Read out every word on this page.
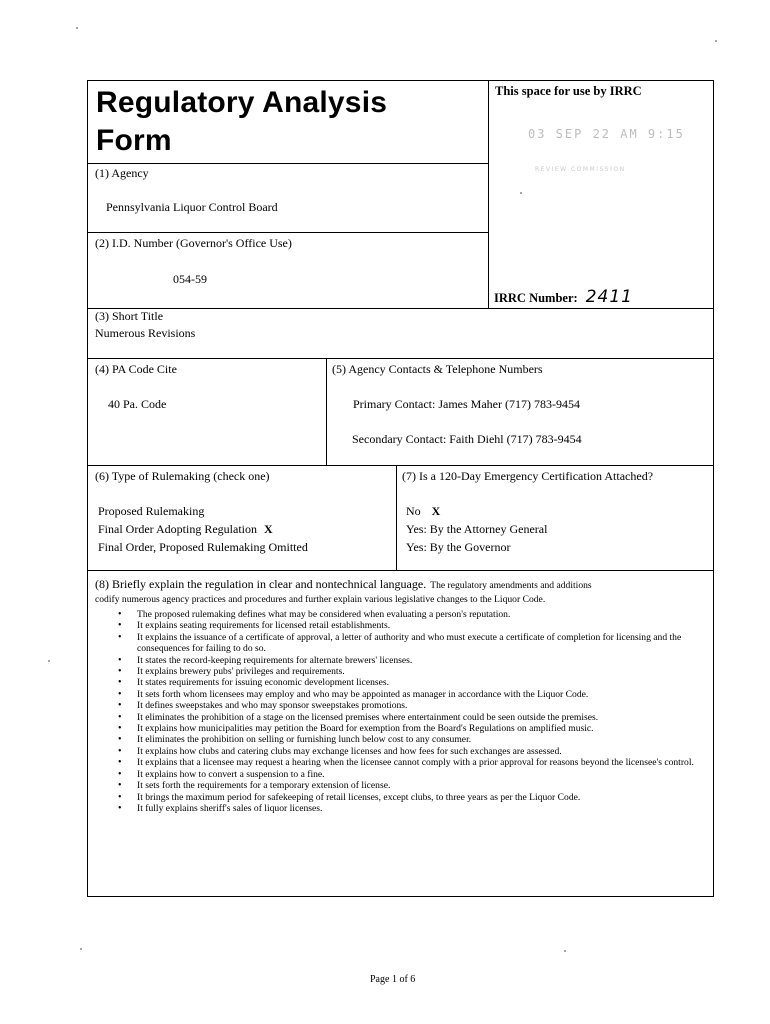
Regulatory Analysis
Form
This space for use by IRRC
03 SEP 22 AM 9:15
REVIEW COMMISSION
IRRC Number: 2411
(1) Agency
Pennsylvania Liquor Control Board
(2) I.D. Number (Governor's Office Use)
054-59
(3) Short Title
Numerous Revisions
(4) PA Code Cite
40 Pa. Code
(5) Agency Contacts & Telephone Numbers
Primary Contact: James Maher (717) 783-9454
Secondary Contact: Faith Diehl (717) 783-9454
(6) Type of Rulemaking (check one)
Proposed Rulemaking
Final Order Adopting Regulation X
Final Order, Proposed Rulemaking Omitted
(7) Is a 120-Day Emergency Certification Attached?
No X
Yes: By the Attorney General
Yes: By the Governor
(8) Briefly explain the regulation in clear and nontechnical language. The regulatory amendments and additions
codify numerous agency practices and procedures and further explain various legislative changes to the Liquor Code.
• The proposed rulemaking defines what may be considered when evaluating a person's reputation.
• It explains seating requirements for licensed retail establishments.
• It explains the issuance of a certificate of approval, a letter of authority and who must execute a certificate of completion for licensing and the consequences for failing to do so.
• It states the record-keeping requirements for alternate brewers' licenses.
• It explains brewery pubs' privileges and requirements.
• It states requirements for issuing economic development licenses.
• It sets forth whom licensees may employ and who may be appointed as manager in accordance with the Liquor Code.
• It defines sweepstakes and who may sponsor sweepstakes promotions.
• It eliminates the prohibition of a stage on the licensed premises where entertainment could be seen outside the premises.
• It explains how municipalities may petition the Board for exemption from the Board's Regulations on amplified music.
• It eliminates the prohibition on selling or furnishing lunch below cost to any consumer.
• It explains how clubs and catering clubs may exchange licenses and how fees for such exchanges are assessed.
• It explains that a licensee may request a hearing when the licensee cannot comply with a prior approval for reasons beyond the licensee's control.
• It explains how to convert a suspension to a fine.
• It sets forth the requirements for a temporary extension of license.
• It brings the maximum period for safekeeping of retail licenses, except clubs, to three years as per the Liquor Code.
• It fully explains sheriff's sales of liquor licenses.
Page 1 of 6
